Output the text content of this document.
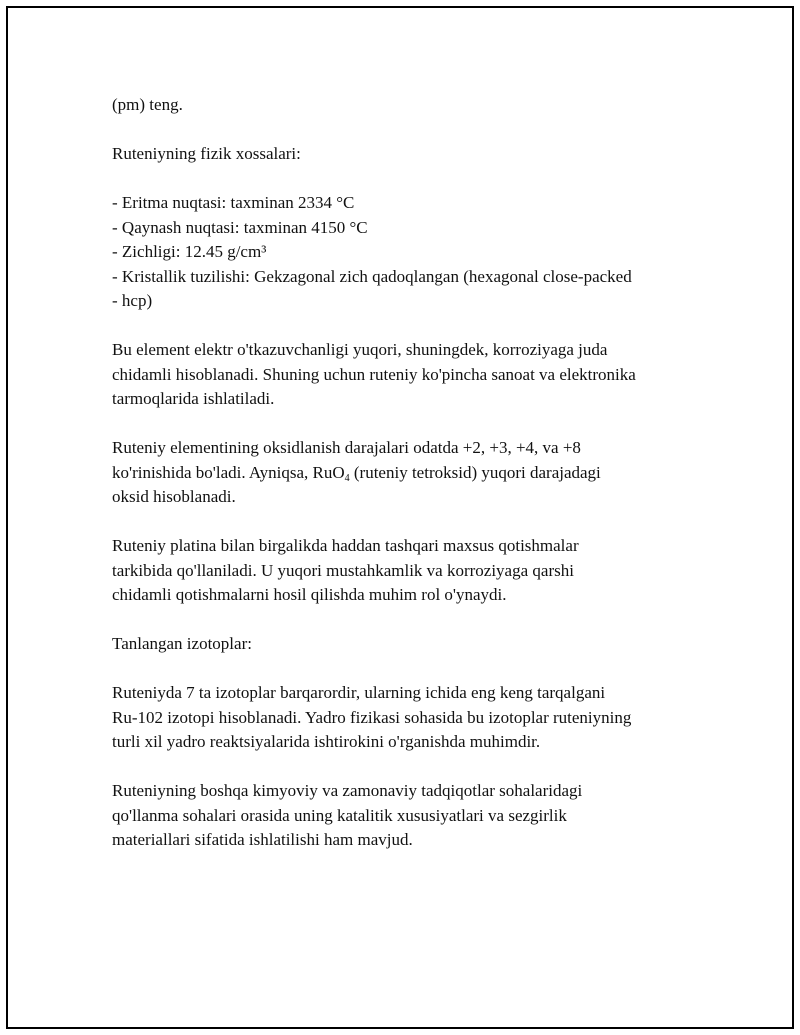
(pm) teng.

Ruteniyning fizik xossalari:

- Eritma nuqtasi: taxminan 2334 °C

- Qaynash nuqtasi: taxminan 4150 °C

- Zichligi: 12.45 g/cm³

- Kristallik tuzilishi: Gekzagonal zich qadoqlangan (hexagonal close-packed

- hcp)

Bu element elektr o'tkazuvchanligi yuqori, shuningdek, korroziyaga juda

chidamli hisoblanadi. Shuning uchun ruteniy ko'pincha sanoat va elektronika

tarmoqlarida ishlatiladi.

Ruteniy elementining oksidlanish darajalari odatda +2, +3, +4, va +8

ko'rinishida bo'ladi. Ayniqsa, RuO$_4$ (ruteniy tetroksid) yuqori darajadagi

oksid hisoblanadi.

Ruteniy platina bilan birgalikda haddan tashqari maxsus qotishmalar

tarkibida qo'llaniladi. U yuqori mustahkamlik va korroziyaga qarshi

chidamli qotishmalarni hosil qilishda muhim rol o'ynaydi.

Tanlangan izotoplar:

Ruteniyda 7 ta izotoplar barqarordir, ularning ichida eng keng tarqalgani

Ru-102 izotopi hisoblanadi. Yadro fizikasi sohasida bu izotoplar ruteniyning

turli xil yadro reaktsiyalarida ishtirokini o'rganishda muhimdir.

Ruteniyning boshqa kimyoviy va zamonaviy tadqiqotlar sohalaridagi

qo'llanma sohalari orasida uning katalitik xususiyatlari va sezgirlik

materiallari sifatida ishlatilishi ham mavjud.
